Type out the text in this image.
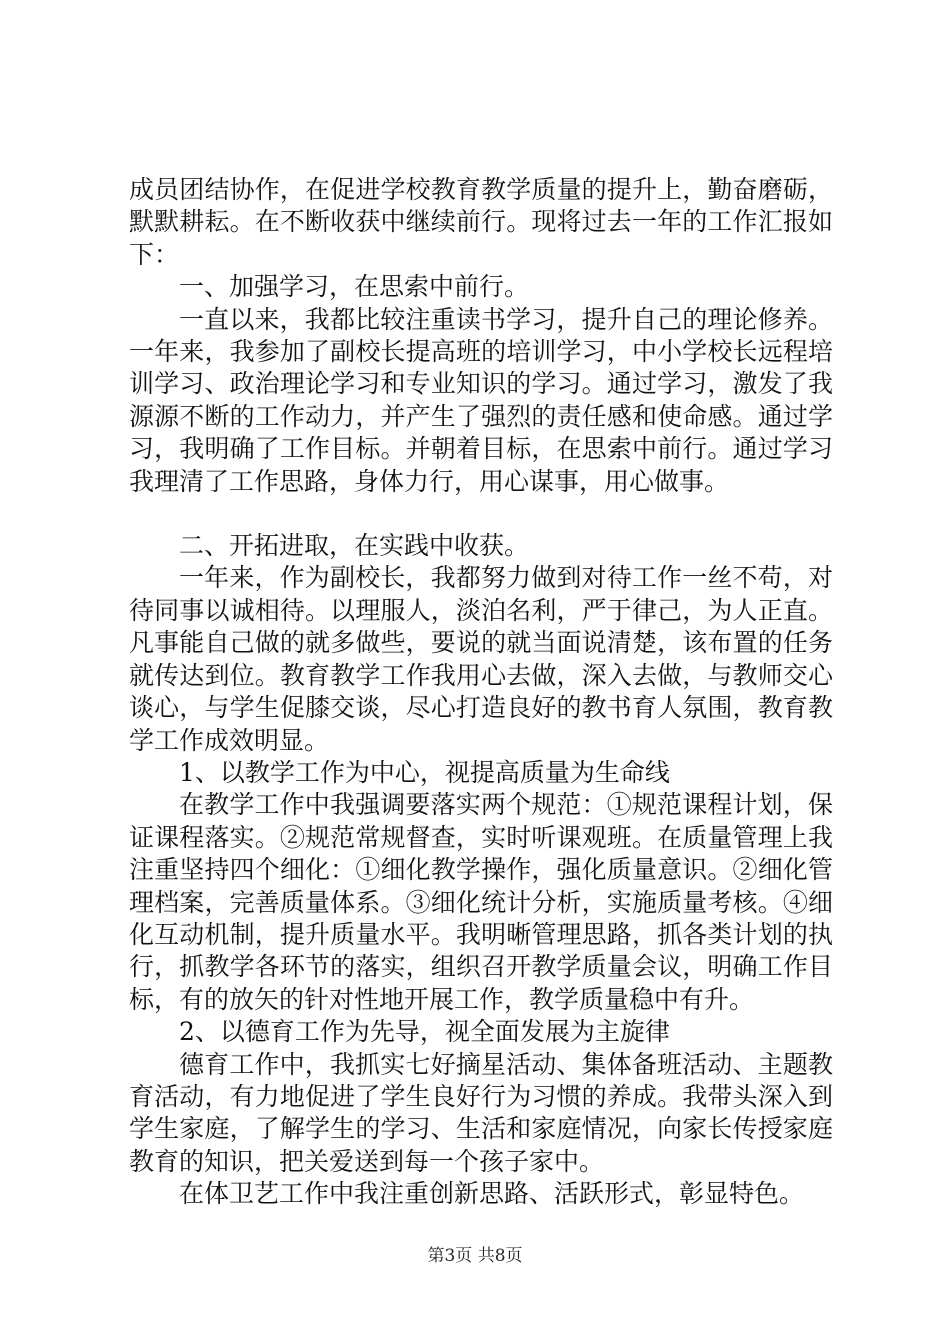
成员团结协作，在促进学校教育教学质量的提升上，勤奋磨砺，默默耕耘。在不断收获中继续前行。现将过去一年的工作汇报如下：

一、加强学习，在思索中前行。

一直以来，我都比较注重读书学习，提升自己的理论修养。一年来，我参加了副校长提高班的培训学习，中小学校长远程培训学习、政治理论学习和专业知识的学习。通过学习，激发了我源源不断的工作动力，并产生了强烈的责任感和使命感。通过学习，我明确了工作目标。并朝着目标，在思索中前行。通过学习我理清了工作思路，身体力行，用心谋事，用心做事。

二、开拓进取，在实践中收获。

一年来，作为副校长，我都努力做到对待工作一丝不苟，对待同事以诚相待。以理服人，淡泊名利，严于律己，为人正直。凡事能自己做的就多做些，要说的就当面说清楚，该布置的任务就传达到位。教育教学工作我用心去做，深入去做，与教师交心谈心，与学生促膝交谈，尽心打造良好的教书育人氛围，教育教学工作成效明显。

1、以教学工作为中心，视提高质量为生命线

在教学工作中我强调要落实两个规范：①规范课程计划，保证课程落实。②规范常规督查，实时听课观班。在质量管理上我注重坚持四个细化：①细化教学操作，强化质量意识。②细化管理档案，完善质量体系。③细化统计分析，实施质量考核。④细化互动机制，提升质量水平。我明晰管理思路，抓各类计划的执行，抓教学各环节的落实，组织召开教学质量会议，明确工作目标，有的放矢的针对性地开展工作，教学质量稳中有升。

2、以德育工作为先导，视全面发展为主旋律

德育工作中，我抓实七好摘星活动、集体备班活动、主题教育活动，有力地促进了学生良好行为习惯的养成。我带头深入到学生家庭，了解学生的学习、生活和家庭情况，向家长传授家庭教育的知识，把关爱送到每一个孩子家中。

在体卫艺工作中我注重创新思路、活跃形式，彰显特色。

第3页 共8页
